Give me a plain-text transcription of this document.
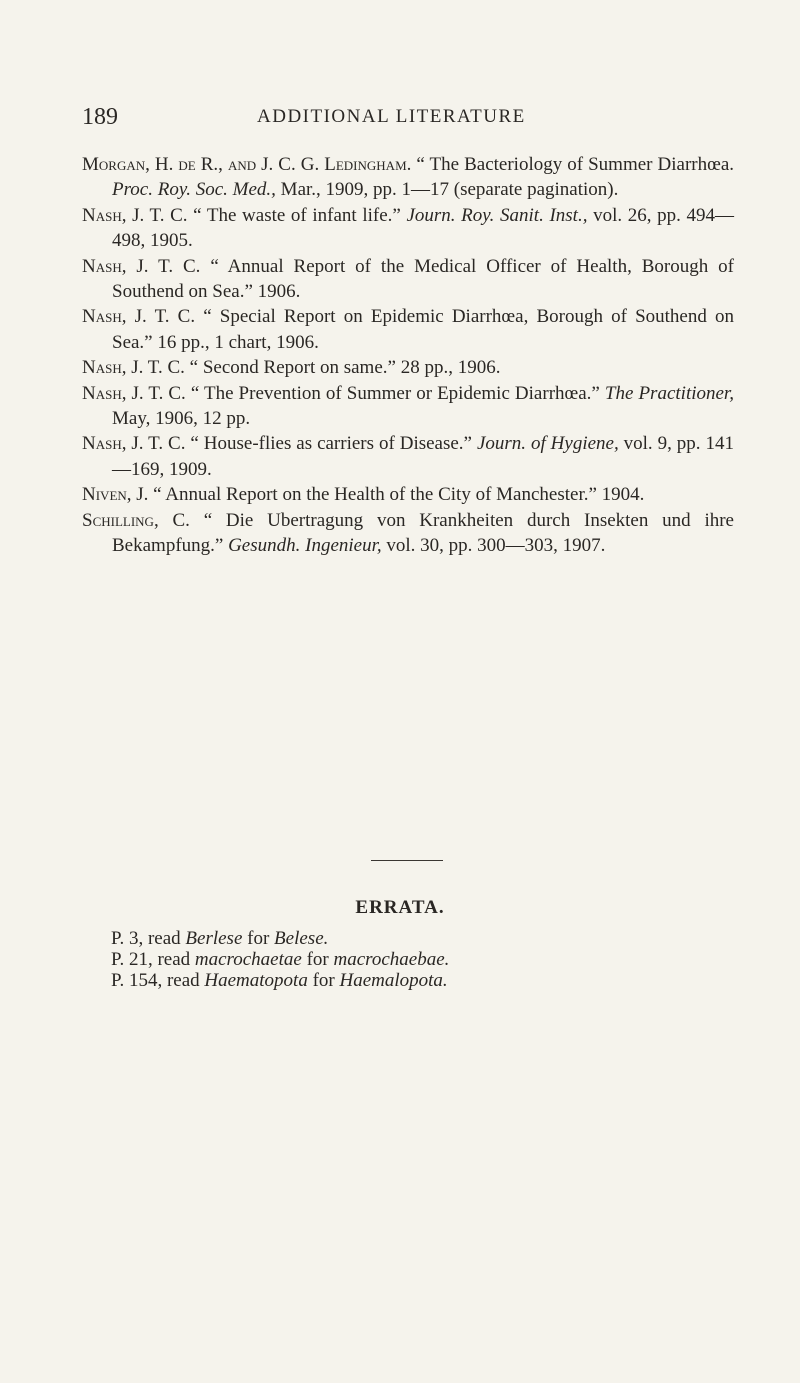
189	ADDITIONAL LITERATURE

Morgan, H. de R., and J. C. G. Ledingham. “ The Bacteriology of Summer Diarrhœa. Proc. Roy. Soc. Med., Mar., 1909, pp. 1—17 (separate pagination).

Nash, J. T. C. “ The waste of infant life.” Journ. Roy. Sanit. Inst., vol. 26, pp. 494—498, 1905.

Nash, J. T. C. “ Annual Report of the Medical Officer of Health, Borough of Southend on Sea.” 1906.

Nash, J. T. C. “ Special Report on Epidemic Diarrhœa, Borough of Southend on Sea.” 16 pp., 1 chart, 1906.

Nash, J. T. C. “ Second Report on same.” 28 pp., 1906.

Nash, J. T. C. “ The Prevention of Summer or Epidemic Diarrhœa.” The Practitioner, May, 1906, 12 pp.

Nash, J. T. C. “ House-flies as carriers of Disease.” Journ. of Hygiene, vol. 9, pp. 141—169, 1909.

Niven, J. “ Annual Report on the Health of the City of Manchester.” 1904.

Schilling, C. “ Die Ubertragung von Krankheiten durch Insekten und ihre Bekampfung.” Gesundh. Ingenieur, vol. 30, pp. 300—303, 1907.

ERRATA.
P. 3, read Berlese for Belese.
P. 21, read macrochaetae for macrochaebae.
P. 154, read Haematopota for Haemalopota.
